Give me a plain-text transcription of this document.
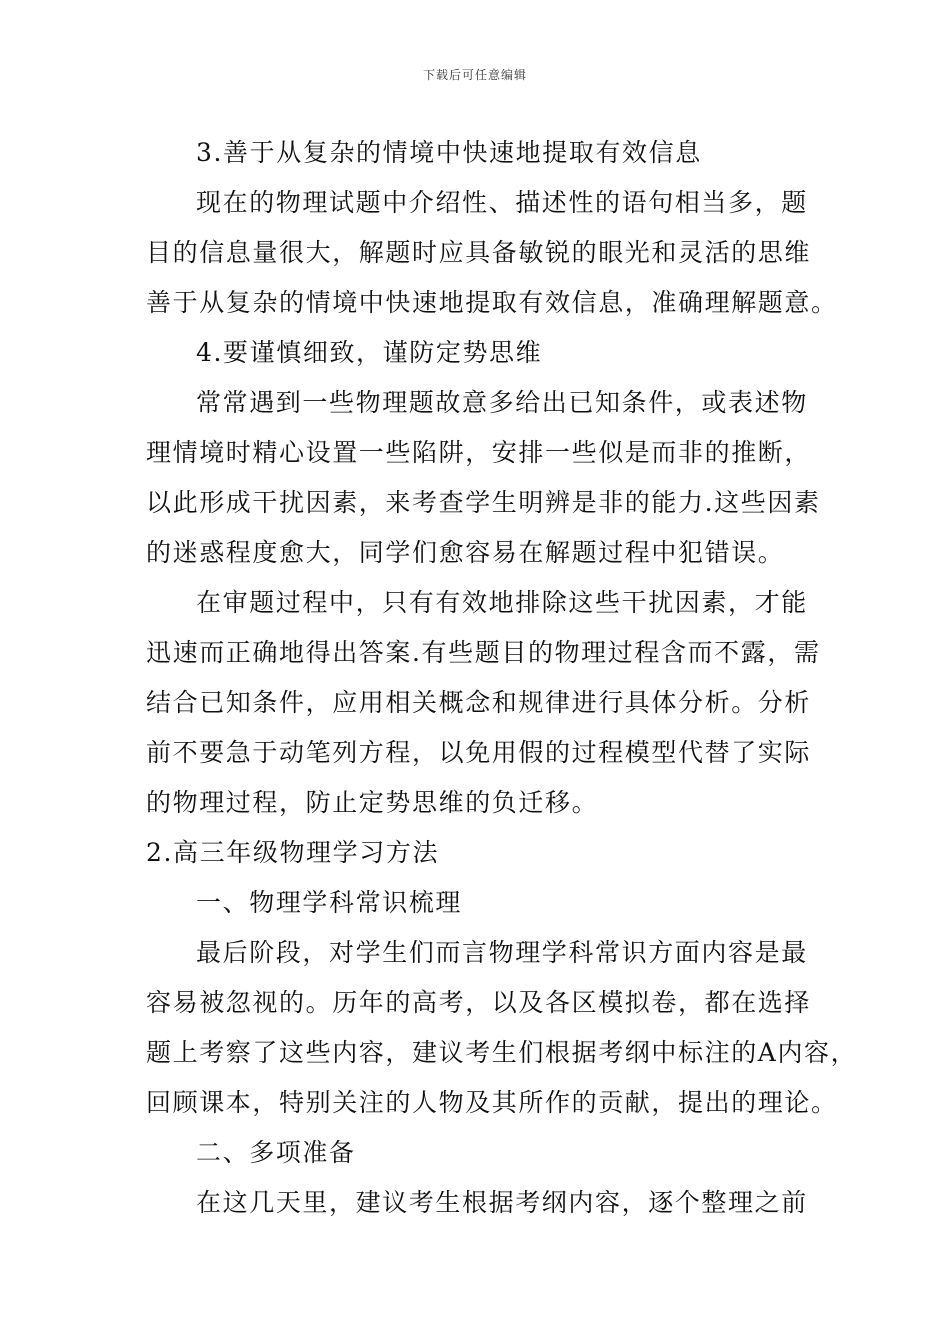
下载后可任意编辑
3.善于从复杂的情境中快速地提取有效信息
现在的物理试题中介绍性、描述性的语句相当多，题
目的信息量很大，解题时应具备敏锐的眼光和灵活的思维
善于从复杂的情境中快速地提取有效信息，准确理解题意。
4.要谨慎细致，谨防定势思维
常常遇到一些物理题故意多给出已知条件，或表述物
理情境时精心设置一些陷阱，安排一些似是而非的推断，
以此形成干扰因素，来考查学生明辨是非的能力.这些因素
的迷惑程度愈大，同学们愈容易在解题过程中犯错误。
在审题过程中，只有有效地排除这些干扰因素，才能
迅速而正确地得出答案.有些题目的物理过程含而不露，需
结合已知条件，应用相关概念和规律进行具体分析。分析
前不要急于动笔列方程，以免用假的过程模型代替了实际
的物理过程，防止定势思维的负迁移。
2.高三年级物理学习方法
一、物理学科常识梳理
最后阶段，对学生们而言物理学科常识方面内容是最
容易被忽视的。历年的高考，以及各区模拟卷，都在选择
题上考察了这些内容，建议考生们根据考纲中标注的A内容，
回顾课本，特别关注的人物及其所作的贡献，提出的理论。
二、多项准备
在这几天里，建议考生根据考纲内容，逐个整理之前
